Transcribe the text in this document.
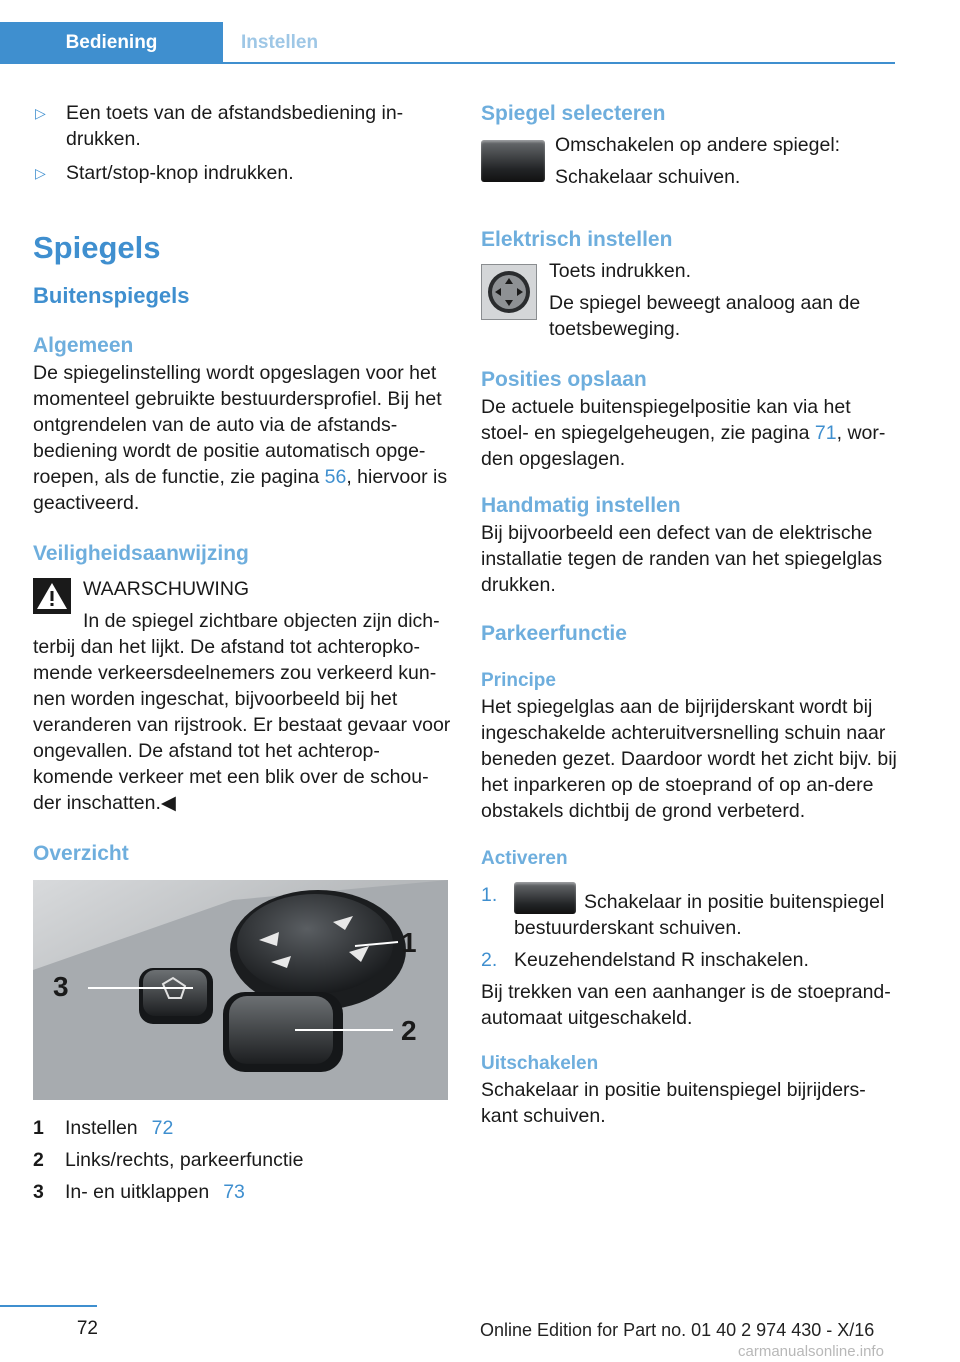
Bediening	Instellen
▷ Een toets van de afstandsbediening in-drukken.
▷ Start/stop-knop indrukken.
Spiegels
Buitenspiegels
Algemeen

De spiegelinstelling wordt opgeslagen voor het momenteel gebruikte bestuurdersprofiel. Bij het ontgrendelen van de auto via de afstands-bediening wordt de positie automatisch opge-roepen, als de functie, zie pagina 56, hiervoor is geactiveerd.

Veiligheidsaanwijzing

WAARSCHUWING

In de spiegel zichtbare objecten zijn dich-

terbij dan het lijkt. De afstand tot achteropko-mende verkeersdeelnemers zou verkeerd kun-nen worden ingeschat, bijvoorbeeld bij het veranderen van rijstrook. Er bestaat gevaar voor ongevallen. De afstand tot het achterop-komende verkeer met een blik over de schou-der inschatten.◀

Overzicht
3
1
2
1	Instellen 72
2	Links/rechts, parkeerfunctie
3	In- en uitklappen 73
Spiegel selecteren

Omschakelen op andere spiegel:

Schakelaar schuiven.

Elektrisch instellen

Toets indrukken.

De spiegel beweegt analoog aan de toetsbeweging.

Posities opslaan

De actuele buitenspiegelpositie kan via het stoel- en spiegelgeheugen, zie pagina 71, wor-den opgeslagen.

Handmatig instellen

Bij bijvoorbeeld een defect van de elektrische installatie tegen de randen van het spiegelglas drukken.

Parkeerfunctie
Principe

Het spiegelglas aan de bijrijderskant wordt bij ingeschakelde achteruitversnelling schuin naar beneden gezet. Daardoor wordt het zicht bijv. bij het inparkeren op de stoeprand of op an-dere obstakels dichtbij de grond verbeterd.

Activeren
1.	Schakelaar in positie buitenspiegel bestuurderskant schuiven.
2. Keuzehendelstand R inschakelen.

Bij trekken van een aanhanger is de stoeprand-automaat uitgeschakeld.

Uitschakelen

Schakelaar in positie buitenspiegel bijrijders-kant schuiven.

72	Online Edition for Part no. 01 40 2 974 430 - X/16
carmanualsonline.info
